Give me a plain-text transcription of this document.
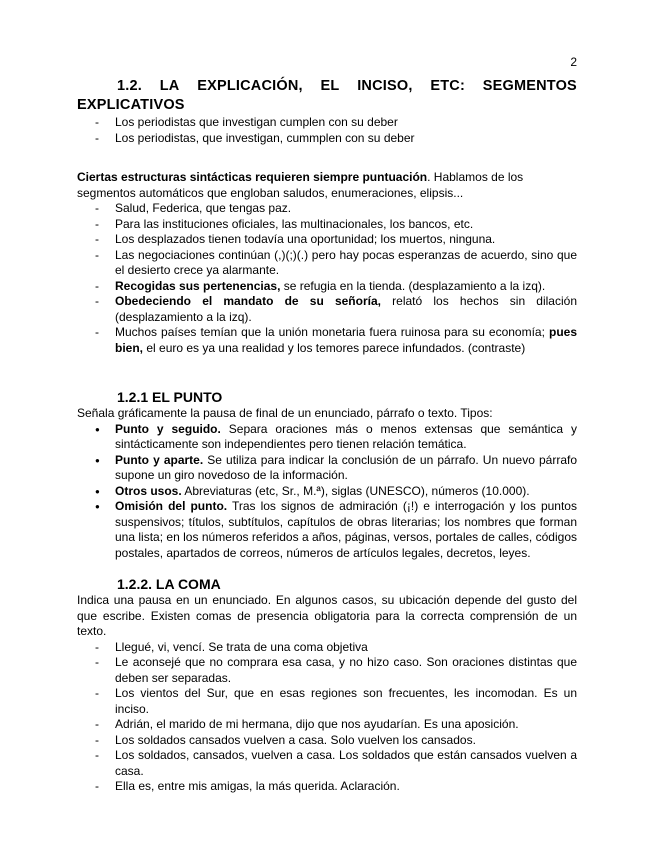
2
1.2. LA EXPLICACIÓN, EL INCISO, ETC: SEGMENTOS
EXPLICATIVOS
- Los periodistas que investigan cumplen con su deber
- Los periodistas, que investigan, cummplen con su deber

Ciertas estructuras sintácticas requieren siempre puntuación. Hablamos de los segmentos automáticos que engloban saludos, enumeraciones, elipsis...

- Salud, Federica, que tengas paz.
- Para las instituciones oficiales, las multinacionales, los bancos, etc.
- Los desplazados tienen todavía una oportunidad; los muertos, ninguna.
- Las negociaciones continúan (,)(;)(.) pero hay pocas esperanzas de acuerdo, sino que el desierto crece ya alarmante.
- Recogidas sus pertenencias, se refugia en la tienda. (desplazamiento a la izq).
- Obedeciendo el mandato de su señoría, relató los hechos sin dilación (desplazamiento a la izq).
- Muchos países temían que la unión monetaria fuera ruinosa para su economía; pues bien, el euro es ya una realidad y los temores parece infundados. (contraste)
1.2.1 EL PUNTO

Señala gráficamente la pausa de final de un enunciado, párrafo o texto. Tipos:

● Punto y seguido. Separa oraciones más o menos extensas que semántica y sintácticamente son independientes pero tienen relación temática.
● Punto y aparte. Se utiliza para indicar la conclusión de un párrafo. Un nuevo párrafo supone un giro novedoso de la información.
● Otros usos. Abreviaturas (etc, Sr., M.ª), siglas (UNESCO), números (10.000).
● Omisión del punto. Tras los signos de admiración (¡!) e interrogación y los puntos suspensivos; títulos, subtítulos, capítulos de obras literarias; los nombres que forman una lista; en los números referidos a años, páginas, versos, portales de calles, códigos postales, apartados de correos, números de artículos legales, decretos, leyes.
1.2.2. LA COMA

Indica una pausa en un enunciado. En algunos casos, su ubicación depende del gusto del que escribe. Existen comas de presencia obligatoria para la correcta comprensión de un texto.

- Llegué, vi, vencí. Se trata de una coma objetiva
- Le aconsejé que no comprara esa casa, y no hizo caso. Son oraciones distintas que deben ser separadas.
- Los vientos del Sur, que en esas regiones son frecuentes, les incomodan. Es un inciso.
- Adrián, el marido de mi hermana, dijo que nos ayudarían. Es una aposición.
- Los soldados cansados vuelven a casa. Solo vuelven los cansados.
- Los soldados, cansados, vuelven a casa. Los soldados que están cansados vuelven a casa.
- Ella es, entre mis amigas, la más querida. Aclaración.
